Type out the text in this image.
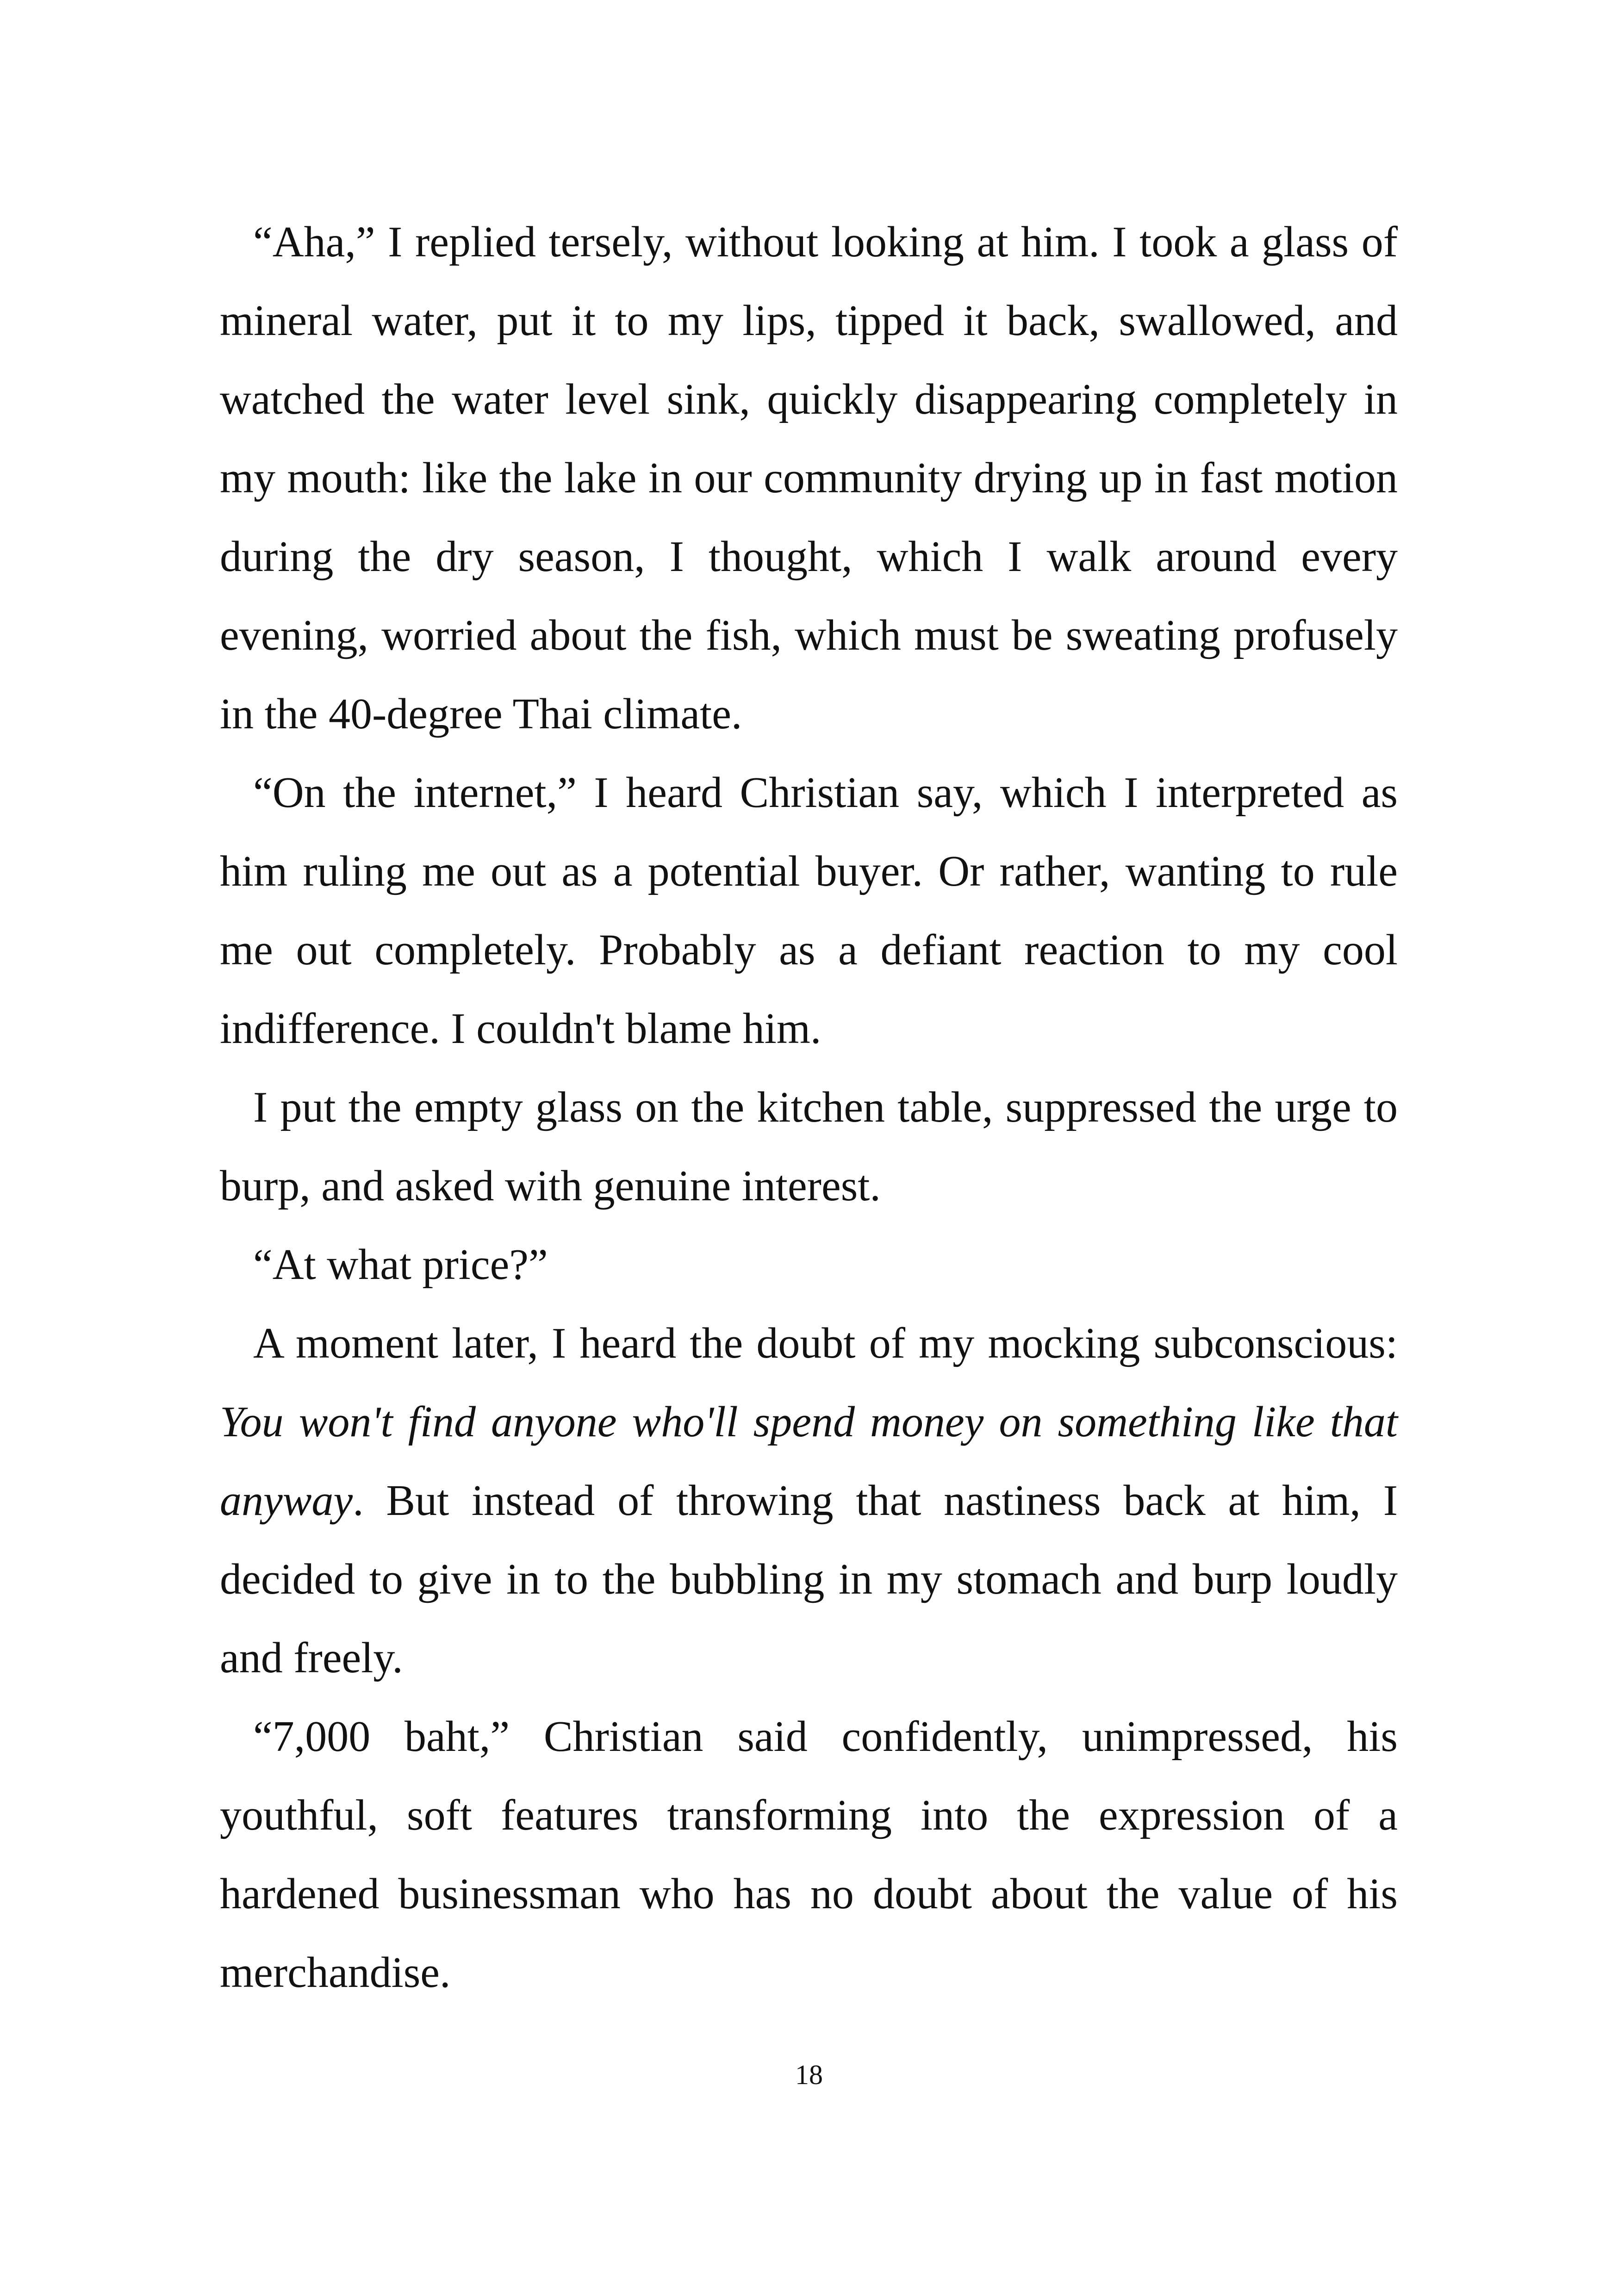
“Aha,” I replied tersely, without looking at him. I took a glass of mineral water, put it to my lips, tipped it back, swallowed, and watched the water level sink, quickly disappearing completely in my mouth: like the lake in our community drying up in fast motion during the dry season, I thought, which I walk around every evening, worried about the fish, which must be sweating profusely in the 40-degree Thai climate.

“On the internet,” I heard Christian say, which I interpreted as him ruling me out as a potential buyer. Or rather, wanting to rule me out completely. Probably as a defiant reaction to my cool indifference. I couldn't blame him.

I put the empty glass on the kitchen table, suppressed the urge to burp, and asked with genuine interest.

“At what price?”

A moment later, I heard the doubt of my mocking subconscious: You won't find anyone who'll spend money on something like that anyway. But instead of throwing that nastiness back at him, I decided to give in to the bubbling in my stomach and burp loudly and freely.

“7,000 baht,” Christian said confidently, unimpressed, his youthful, soft features transforming into the expression of a hardened businessman who has no doubt about the value of his merchandise.

18
